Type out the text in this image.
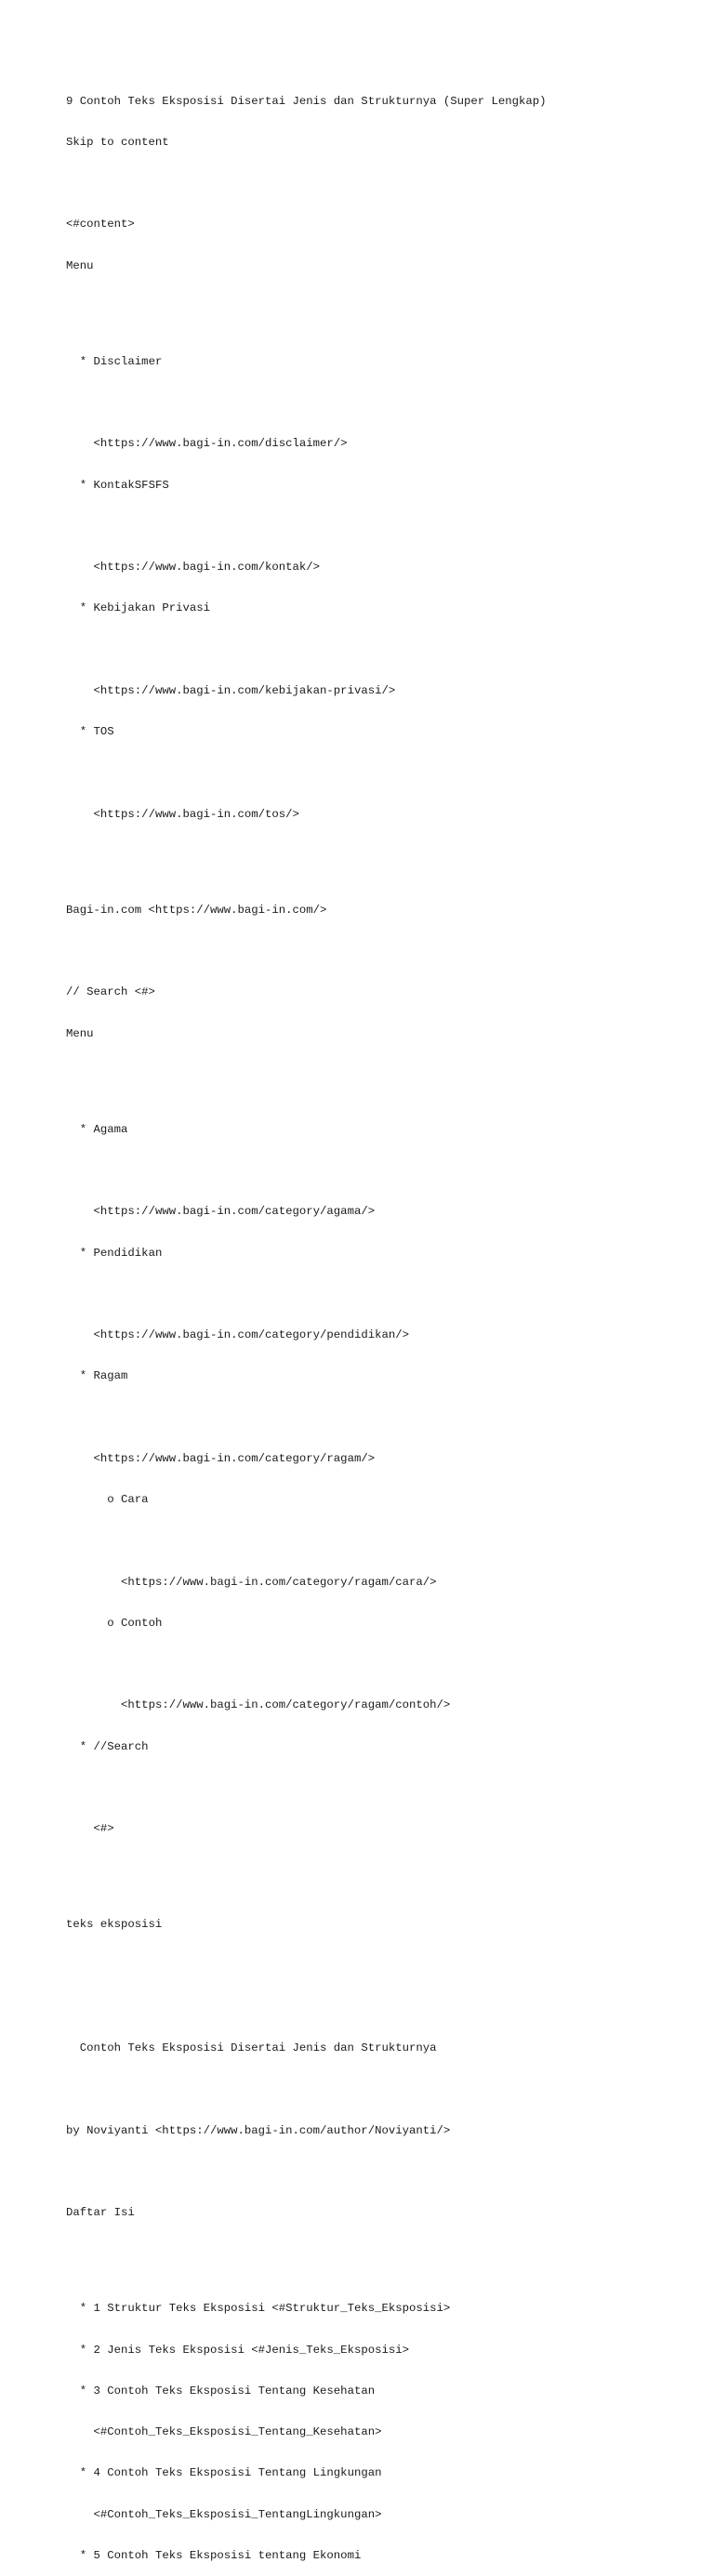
9 Contoh Teks Eksposisi Disertai Jenis dan Strukturnya (Super Lengkap)

Skip to content

<#content>

Menu

* Disclaimer

<https://www.bagi-in.com/disclaimer/>

* KontakSFSFS

<https://www.bagi-in.com/kontak/>

* Kebijakan Privasi

<https://www.bagi-in.com/kebijakan-privasi/>

* TOS

<https://www.bagi-in.com/tos/>

Bagi-in.com <https://www.bagi-in.com/>

// Search <#>

Menu

* Agama

<https://www.bagi-in.com/category/agama/>

* Pendidikan

<https://www.bagi-in.com/category/pendidikan/>

* Ragam

<https://www.bagi-in.com/category/ragam/>

o Cara

<https://www.bagi-in.com/category/ragam/cara/>

o Contoh

<https://www.bagi-in.com/category/ragam/contoh/>

* //Search

<#>

teks eksposisi

Contoh Teks Eksposisi Disertai Jenis dan Strukturnya

by Noviyanti <https://www.bagi-in.com/author/Noviyanti/>

Daftar Isi

* 1 Struktur Teks Eksposisi <#Struktur_Teks_Eksposisi>

* 2 Jenis Teks Eksposisi <#Jenis_Teks_Eksposisi>

* 3 Contoh Teks Eksposisi Tentang Kesehatan

<#Contoh_Teks_Eksposisi_Tentang_Kesehatan>

* 4 Contoh Teks Eksposisi Tentang Lingkungan

<#Contoh_Teks_Eksposisi_TentangLingkungan>

* 5 Contoh Teks Eksposisi tentang Ekonomi
